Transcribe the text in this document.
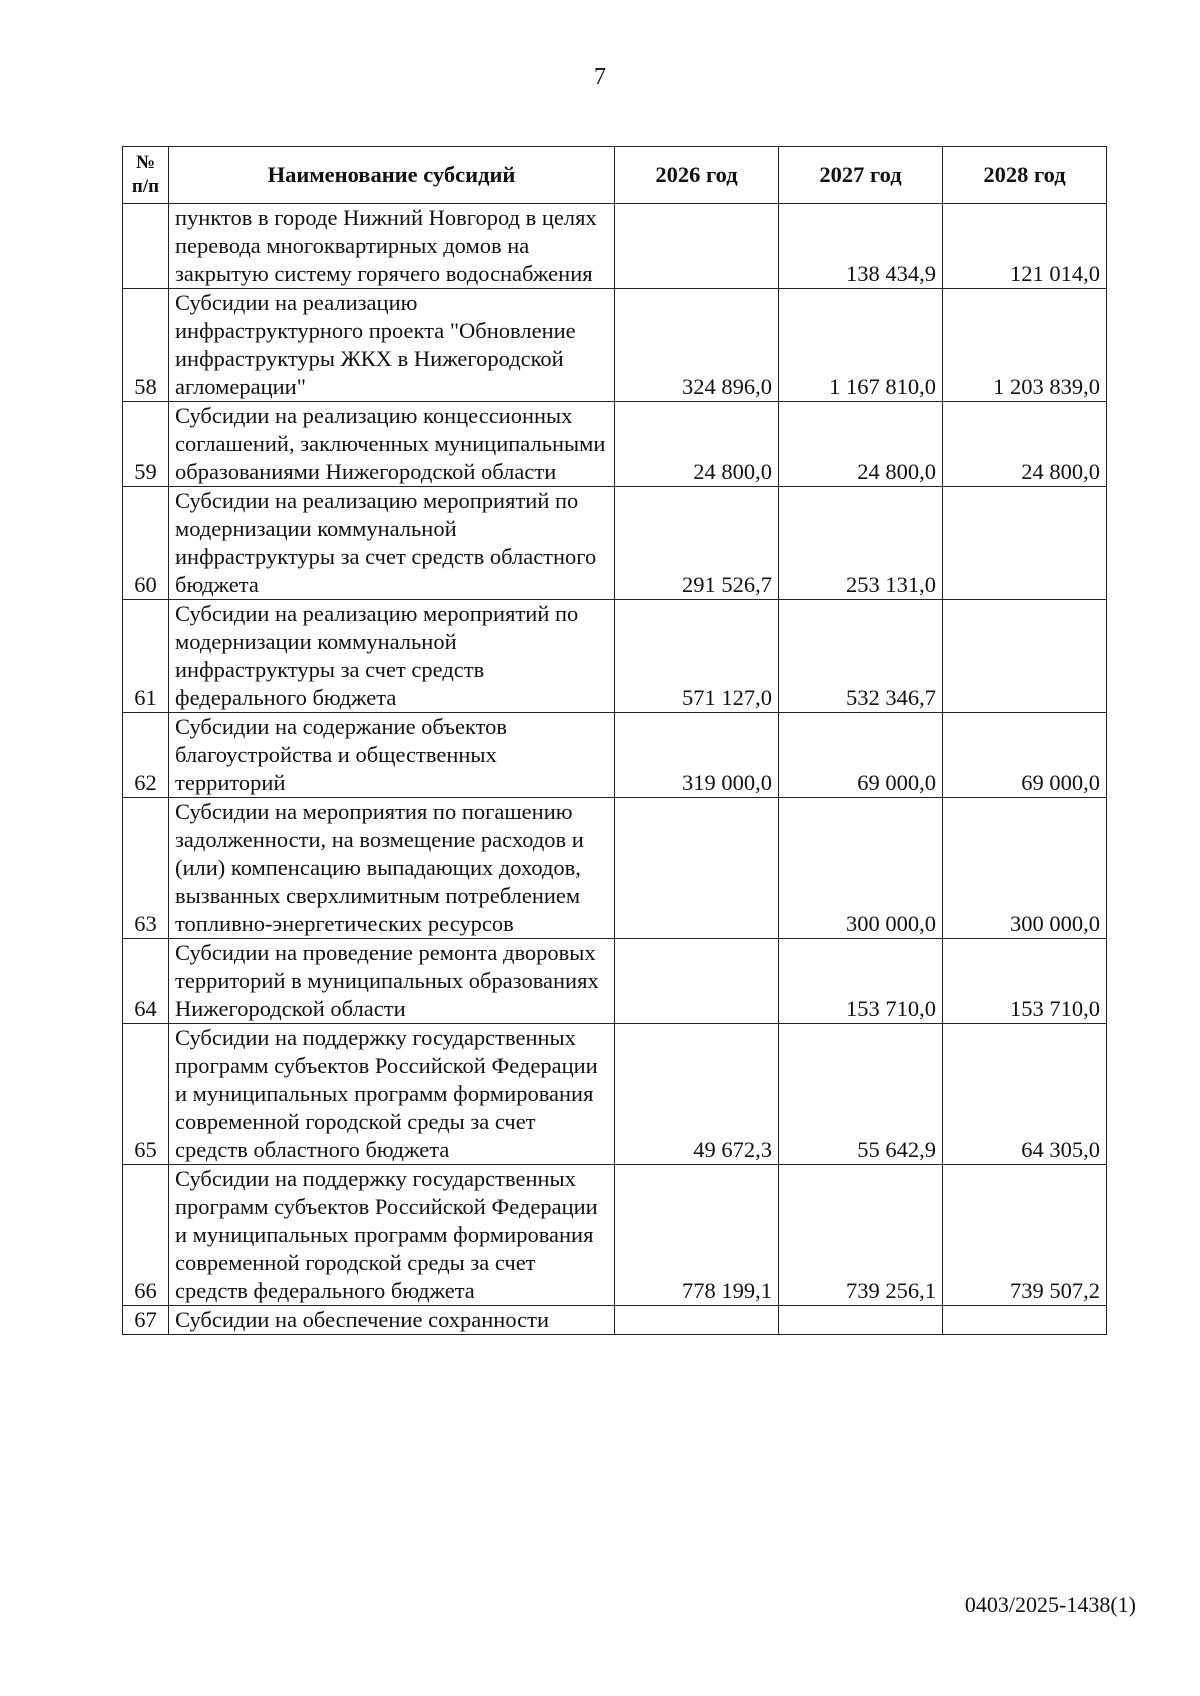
7
№ п/п	Наименование субсидий	2026 год	2027 год	2028 год
	пунктов в городе Нижний Новгород в целях перевода многоквартирных домов на закрытую систему горячего водоснабжения		138 434,9	121 014,0
58	Субсидии на реализацию инфраструктурного проекта "Обновление инфраструктуры ЖКХ в Нижегородской агломерации"	324 896,0	1 167 810,0	1 203 839,0
59	Субсидии на реализацию концессионных соглашений, заключенных муниципальными образованиями Нижегородской области	24 800,0	24 800,0	24 800,0
60	Субсидии на реализацию мероприятий по модернизации коммунальной инфраструктуры за счет средств областного бюджета	291 526,7	253 131,0	
61	Субсидии на реализацию мероприятий по модернизации коммунальной инфраструктуры за счет средств федерального бюджета	571 127,0	532 346,7	
62	Субсидии на содержание объектов благоустройства и общественных территорий	319 000,0	69 000,0	69 000,0
63	Субсидии на мероприятия по погашению задолженности, на возмещение расходов и (или) компенсацию выпадающих доходов, вызванных сверхлимитным потреблением топливно-энергетических ресурсов		300 000,0	300 000,0
64	Субсидии на проведение ремонта дворовых территорий в муниципальных образованиях Нижегородской области		153 710,0	153 710,0
65	Субсидии на поддержку государственных программ субъектов Российской Федерации и муниципальных программ формирования современной городской среды за счет средств областного бюджета	49 672,3	55 642,9	64 305,0
66	Субсидии на поддержку государственных программ субъектов Российской Федерации и муниципальных программ формирования современной городской среды за счет средств федерального бюджета	778 199,1	739 256,1	739 507,2
67	Субсидии на обеспечение сохранности			
0403/2025-1438(1)
